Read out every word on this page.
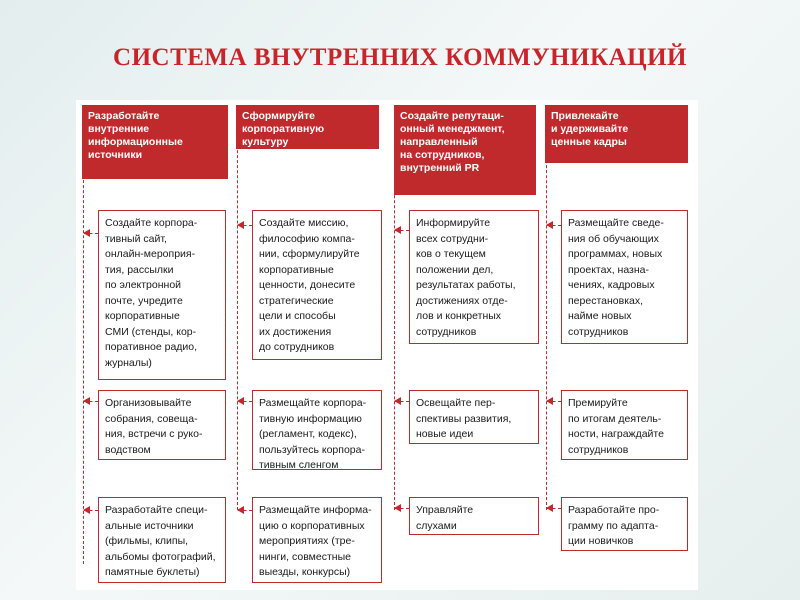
СИСТЕМА ВНУТРЕННИХ КОММУНИКАЦИЙ
Разработайте
внутренние
информационные
источники
Создайте корпора-
тивный сайт,
онлайн-мероприя-
тия, рассылки
по электронной
почте, учредите
корпоративные
СМИ (стенды, кор-
поративное радио,
журналы)
Организовывайте
собрания, совеща-
ния, встречи с руко-
водством
Разработайте специ-
альные источники
(фильмы, клипы,
альбомы фотографий,
памятные буклеты)
Сформируйте
корпоративную
культуру
Создайте миссию,
философию компа-
нии, сформулируйте
корпоративные
ценности, донесите
стратегические
цели и способы
их достижения
до сотрудников
Размещайте корпора-
тивную информацию
(регламент, кодекс),
пользуйтесь корпора-
тивным сленгом
Размещайте информа-
цию о корпоративных
мероприятиях (тре-
нинги, совместные
выезды, конкурсы)
Создайте репутаци-
онный менеджмент,
направленный
на сотрудников,
внутренний PR
Информируйте
всех сотрудни-
ков о текущем
положении дел,
результатах работы,
достижениях отде-
лов и конкретных
сотрудников
Освещайте пер-
спективы развития,
новые идеи
Управляйте
слухами
Привлекайте
и удерживайте
ценные кадры
Размещайте сведе-
ния об обучающих
программах, новых
проектах, назна-
чениях, кадровых
перестановках,
найме новых
сотрудников
Премируйте
по итогам деятель-
ности, награждайте
сотрудников
Разработайте про-
грамму по адапта-
ции новичков
